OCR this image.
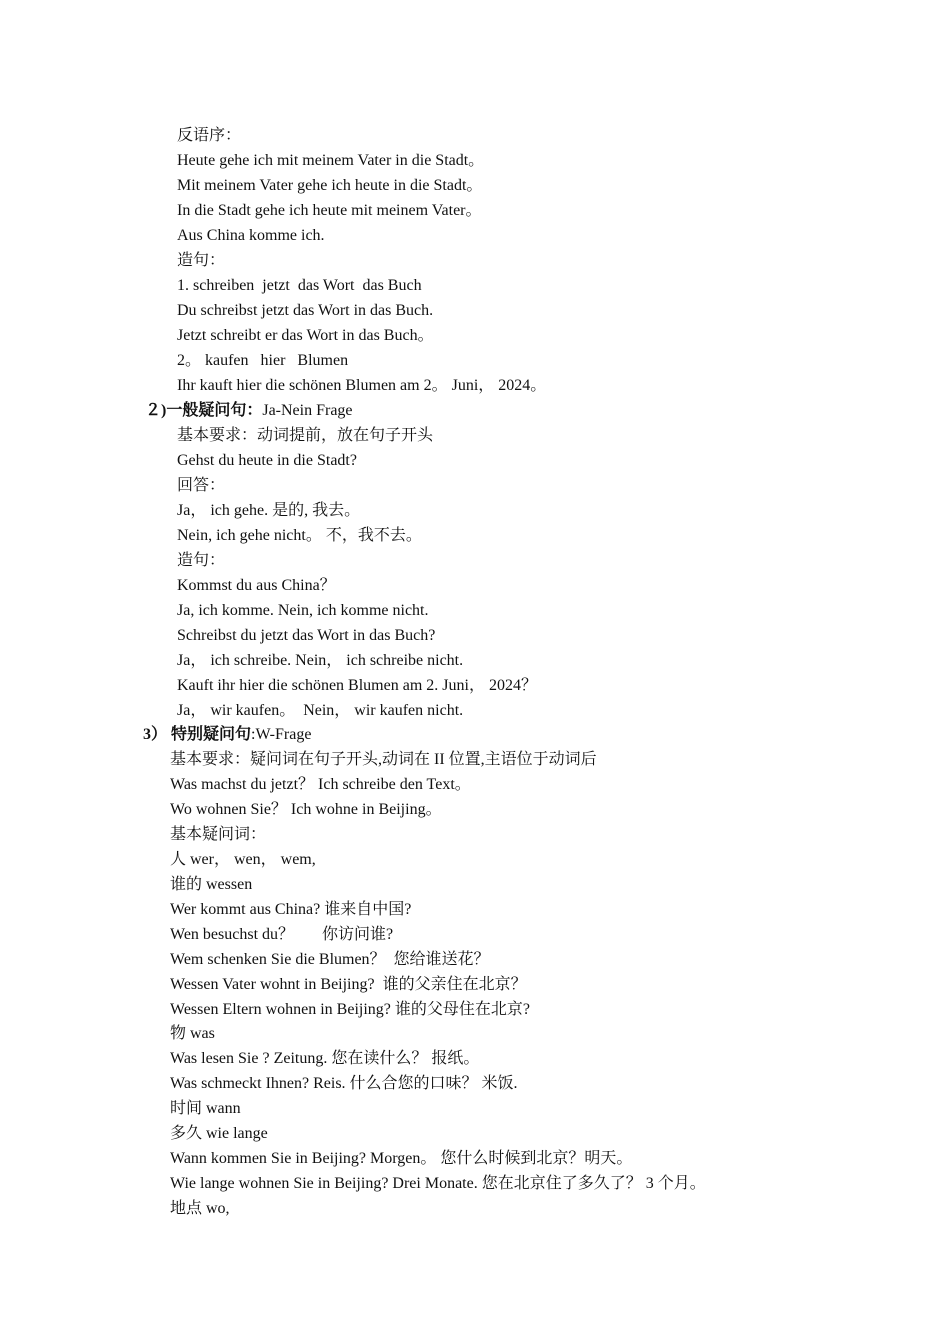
反语序：
Heute gehe ich mit meinem Vater in die Stadt。
Mit meinem Vater gehe ich heute in die Stadt。
In die Stadt gehe ich heute mit meinem Vater。
Aus China komme ich.
造句：
1. schreiben  jetzt  das Wort  das Buch
Du schreibst jetzt das Wort in das Buch.
Jetzt schreibt er das Wort in das Buch。
2。 kaufen   hier   Blumen
Ihr kauft hier die schönen Blumen am 2。 Juni， 2024。
２)一般疑问句：Ja-Nein Frage
基本要求：动词提前，放在句子开头
Gehst du heute in die Stadt?
回答：
Ja， ich gehe. 是的, 我去。
Nein, ich gehe nicht。 不，我不去。
造句：
Kommst du aus China？
Ja, ich komme. Nein, ich komme nicht.
Schreibst du jetzt das Wort in das Buch?
Ja， ich schreibe. Nein， ich schreibe nicht.
Kauft ihr hier die schönen Blumen am 2. Juni， 2024？
Ja， wir kaufen。  Nein， wir kaufen nicht.
3） 特别疑问句:W-Frage
基本要求：疑问词在句子开头,动词在 II 位置,主语位于动词后
Was machst du jetzt？ Ich schreibe den Text。
Wo wohnen Sie？ Ich wohne in Beijing。
基本疑问词：
人 wer， wen， wem,
谁的 wessen
Wer kommt aus China? 谁来自中国?
Wen besuchst du？       你访问谁?
Wem schenken Sie die Blumen？  您给谁送花？
Wessen Vater wohnt in Beijing?  谁的父亲住在北京？
Wessen Eltern wohnen in Beijing? 谁的父母住在北京?
物 was
Was lesen Sie ? Zeitung. 您在读什么？ 报纸。
Was schmeckt Ihnen? Reis. 什么合您的口味？ 米饭.
时间 wann
多久 wie lange
Wann kommen Sie in Beijing? Morgen。 您什么时候到北京？明天。
Wie lange wohnen Sie in Beijing? Drei Monate. 您在北京住了多久了？ 3 个月。
地点 wo,
